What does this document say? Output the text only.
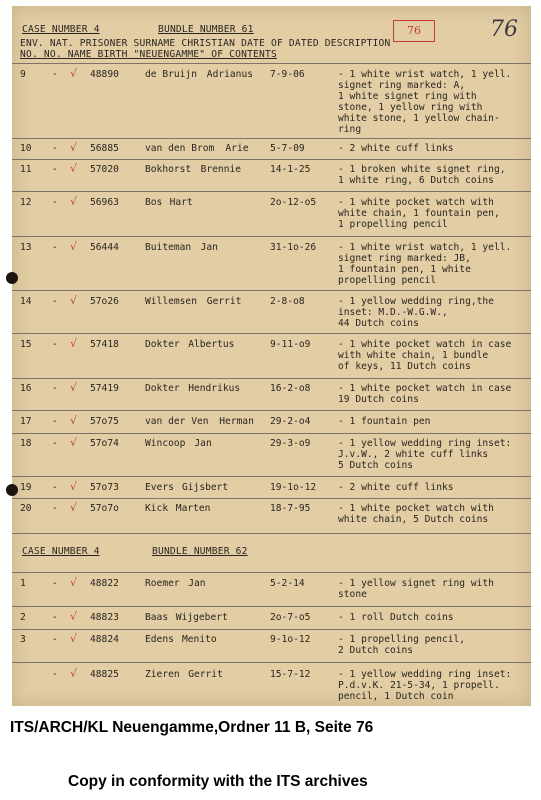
76	76
CASE NUMBER 4	BUNDLE NUMBER 61
ENV. NAT. PRISONER SURNAME CHRISTIAN DATE OF DATED DESCRIPTION
NO. NO. NAME BIRTH "NEUENGAMME" OF CONTENTS
9	-	48890	de Bruijn Adrianus 7-9-06
√	- 1 white wrist watch, 1 yell.
signet ring marked: A,
1 white signet ring with
stone, 1 yellow ring with
white stone, 1 yellow chain-
ring
10 -	56885	van den Brom Arie 5-7-09
√	- 2 white cuff links
11 -	57020	Bokhorst Brennie	14-1-25
√	- 1 broken white signet ring,
1 white ring, 6 Dutch coins
12 -	56963	Bos Hart	2o-12-o5
√	- 1 white pocket watch with
white chain, 1 fountain pen,
1 propelling pencil
13 -	56444	Buiteman Jan	31-1o-26
√	- 1 white wrist watch, 1 yell.
signet ring marked: JB,
1 fountain pen, 1 white
propelling pencil
14 -	57o26	Willemsen Gerrit	2-8-o8
√	- 1 yellow wedding ring,the
inset: M.D.-W.G.W.,
44 Dutch coins
15 -	57418	Dokter Albertus	9-11-o9
√	- 1 white pocket watch in case
with white chain, 1 bundle
of keys, 11 Dutch coins
16 -	57419	Dokter Hendrikus	16-2-o8
√	- 1 white pocket watch in case
19 Dutch coins
17 -	57o75	van der Ven Herman 29-2-o4
√	- 1 fountain pen
18 -	57o74	Wincoop Jan	29-3-o9
√	- 1 yellow wedding ring inset:
J.v.W., 2 white cuff links
5 Dutch coins
19 -	57o73	Evers Gijsbert	19-1o-12
√	- 2 white cuff links
20 -	57o7o	Kick Marten	18-7-95
√	- 1 white pocket watch with
white chain, 5 Dutch coins
CASE NUMBER 4	BUNDLE NUMBER 62
1	-	48822	Roemer Jan	5-2-14
√	- 1 yellow signet ring with
stone
2	-	48823	Baas Wijgebert	2o-7-o5
√	- 1 roll Dutch coins
3	-	48824	Edens Menito	9-1o-12
√	- 1 propelling pencil,
2 Dutch coins
-	48825	Zieren Gerrit	15-7-12
√	- 1 yellow wedding ring inset:
P.d.v.K. 21-5-34, 1 propell.
pencil, 1 Dutch coin
ITS/ARCH/KL Neuengamme,Ordner 11 B, Seite 76
Copy in conformity with the ITS archives
